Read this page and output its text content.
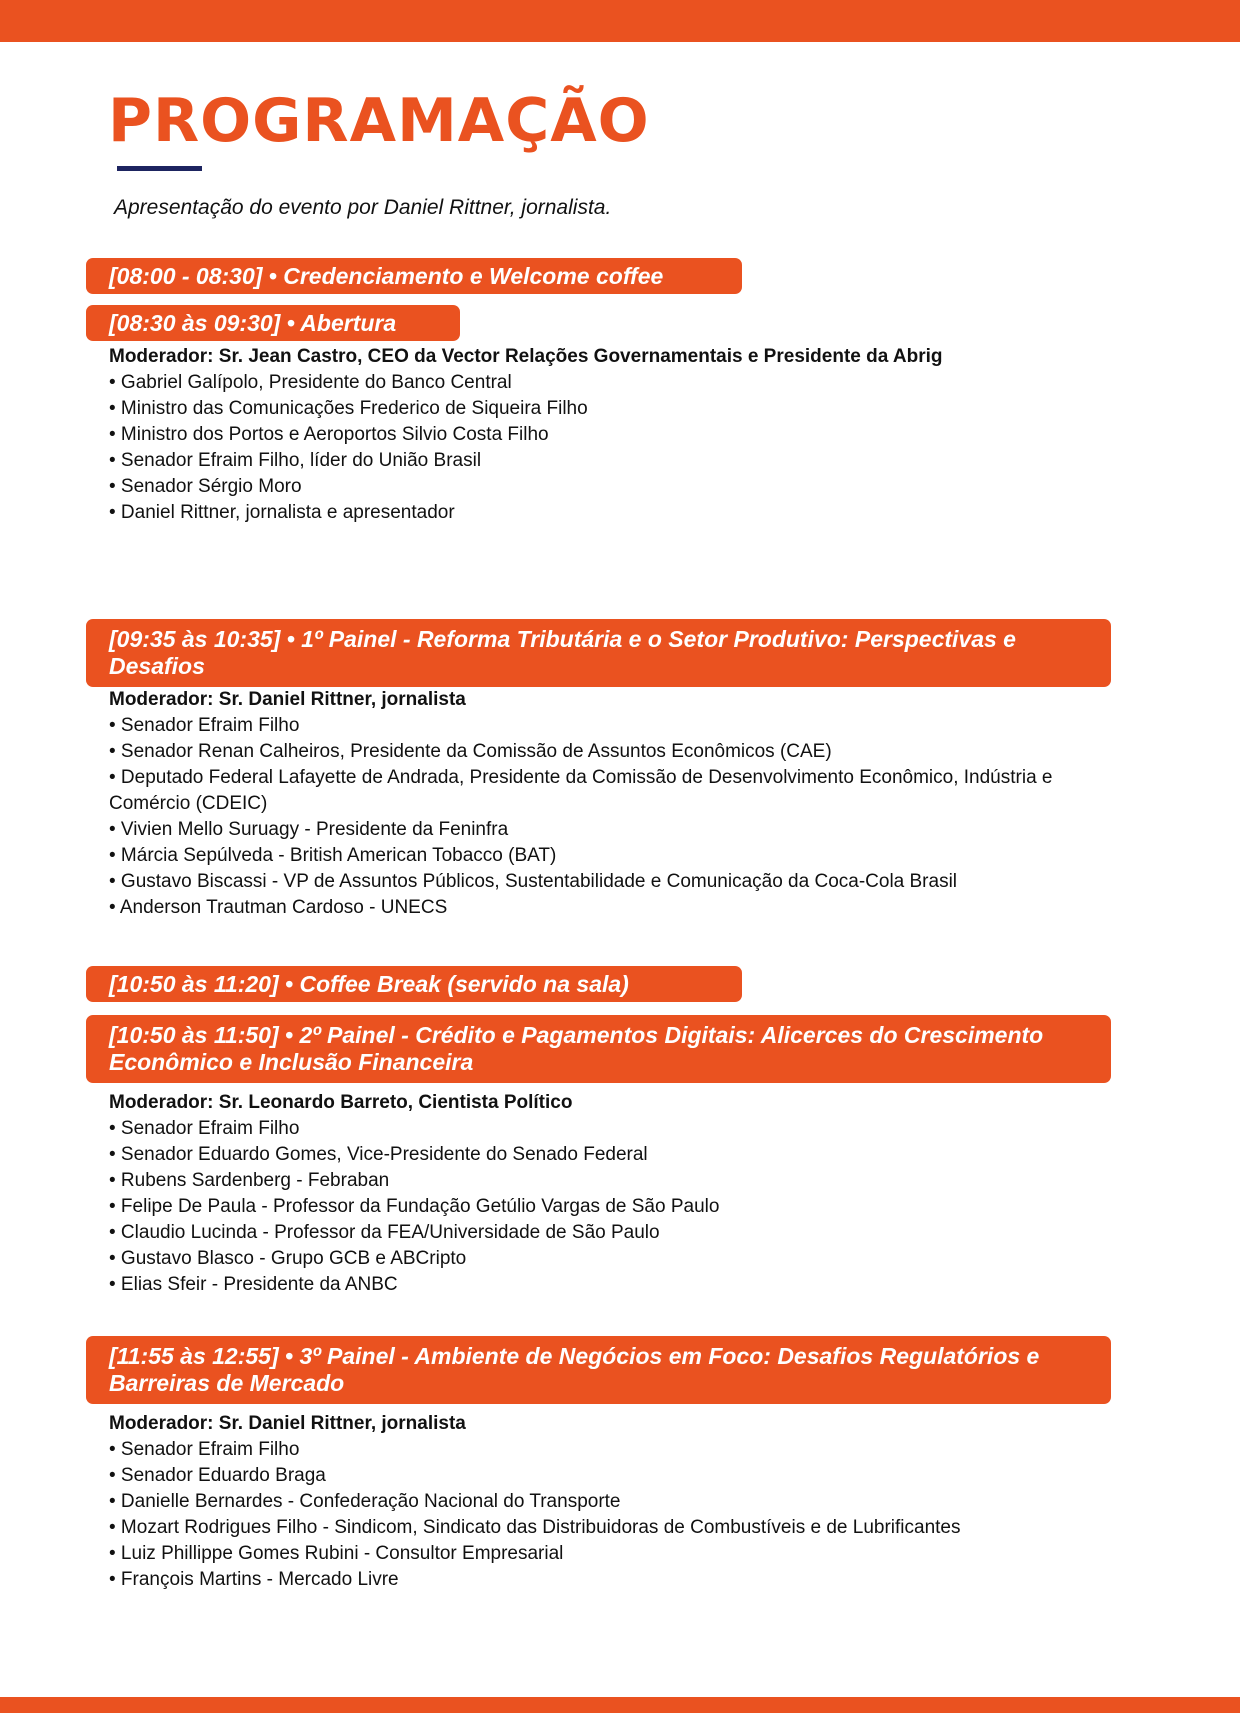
PROGRAMAÇÃO

Apresentação do evento por Daniel Rittner, jornalista.

[08:00 - 08:30] • Credenciamento e Welcome coffee
[08:30 às 09:30] • Abertura

Moderador: Sr. Jean Castro, CEO da Vector Relações Governamentais e Presidente da Abrig

• Gabriel Galípolo, Presidente do Banco Central
• Ministro das Comunicações Frederico de Siqueira Filho
• Ministro dos Portos e Aeroportos Silvio Costa Filho
• Senador Efraim Filho, líder do União Brasil
• Senador Sérgio Moro
• Daniel Rittner, jornalista e apresentador
[09:35 às 10:35] • 1º Painel - Reforma Tributária e o Setor Produtivo: Perspectivas e Desafios

Moderador: Sr. Daniel Rittner, jornalista

• Senador Efraim Filho
• Senador Renan Calheiros, Presidente da Comissão de Assuntos Econômicos (CAE)
• Deputado Federal Lafayette de Andrada, Presidente da Comissão de Desenvolvimento Econômico, Indústria e Comércio (CDEIC)
• Vivien Mello Suruagy - Presidente da Feninfra
• Márcia Sepúlveda - British American Tobacco (BAT)
• Gustavo Biscassi - VP de Assuntos Públicos, Sustentabilidade e Comunicação da Coca-Cola Brasil
• Anderson Trautman Cardoso - UNECS
[10:50 às 11:20] • Coffee Break (servido na sala)
[10:50 às 11:50] • 2º Painel - Crédito e Pagamentos Digitais: Alicerces do Crescimento Econômico e Inclusão Financeira

Moderador: Sr. Leonardo Barreto, Cientista Político

• Senador Efraim Filho
• Senador Eduardo Gomes, Vice-Presidente do Senado Federal
• Rubens Sardenberg - Febraban
• Felipe De Paula - Professor da Fundação Getúlio Vargas de São Paulo
• Claudio Lucinda - Professor da FEA/Universidade de São Paulo
• Gustavo Blasco - Grupo GCB e ABCripto
• Elias Sfeir - Presidente da ANBC
[11:55 às 12:55] • 3º Painel - Ambiente de Negócios em Foco: Desafios Regulatórios e Barreiras de Mercado

Moderador: Sr. Daniel Rittner, jornalista

• Senador Efraim Filho
• Senador Eduardo Braga
• Danielle Bernardes - Confederação Nacional do Transporte
• Mozart Rodrigues Filho - Sindicom, Sindicato das Distribuidoras de Combustíveis e de Lubrificantes
• Luiz Phillippe Gomes Rubini - Consultor Empresarial
• François Martins - Mercado Livre
